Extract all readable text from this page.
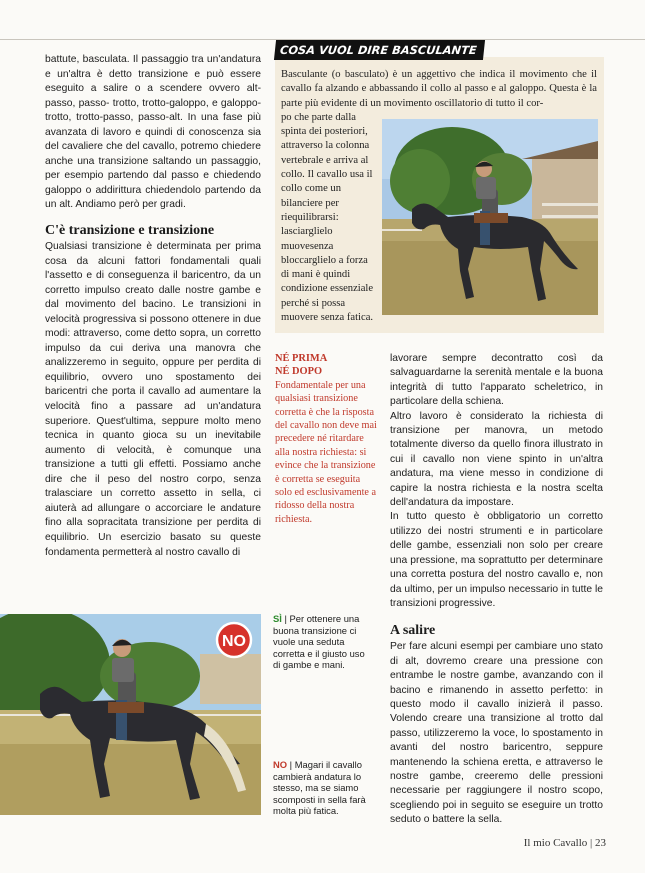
battute, basculata. Il passaggio tra un'andatura e un'altra è detto transizione e può essere eseguito a salire o a scendere ovvero alt-passo, passo- trotto, trotto-galoppo, e galoppo-trotto, trotto-passo, passo-alt. In una fase più avanzata di lavoro e quindi di conoscenza sia del cavaliere che del cavallo, potremo chiedere anche una transizione saltando un passaggio, per esempio partendo dal passo e chiedendo galoppo o addirittura chiedendolo partendo da un alt. Andiamo però per gradi.

C'è transizione e transizione

Qualsiasi transizione è determinata per prima cosa da alcuni fattori fondamentali quali l'assetto e di conseguenza il baricentro, da un corretto impulso creato dalle nostre gambe e dal movimento del bacino. Le transizioni in velocità progressiva si possono ottenere in due modi: attraverso, come detto sopra, un corretto impulso da cui deriva una manovra che analizzeremo in seguito, oppure per perdita di equilibrio, ovvero uno spostamento dei baricentri che porta il cavallo ad aumentare la velocità fino a passare ad un'andatura superiore. Quest'ultima, seppure molto meno tecnica in quanto gioca su un inevitabile aumento di velocità, è comunque una transizione a tutti gli effetti. Possiamo anche dire che il peso del nostro corpo, senza tralasciare un corretto assetto in sella, ci aiuterà ad allungare o accorciare le andature fino alla sopracitata transizione per perdita di equilibrio. Un esercizio basato su queste fondamenta permetterà al nostro cavallo di

COSA VUOL DIRE BASCULANTE
Basculante (o basculato) è un aggettivo che indica il movimento che il cavallo fa alzando e abbassando il collo al passo e al galoppo. Questa è la parte più evidente di un movimento oscillatorio di tutto il cor-
po che parte dalla spinta dei posteriori, attraverso la colonna vertebrale e arriva al collo. Il cavallo usa il collo come un bilanciere per riequilibrarsi: lasciarglielo muovesenza bloccarglielo a forza di mani è quindi condizione essenziale perché si possa muovere senza fatica.
NÉ PRIMA
NÉ DOPO
Fondamentale per una qualsiasi transizione corretta è che la risposta del cavallo non deve mai precedere né ritardare alla nostra richiesta: si evince che la transizione è corretta se eseguita solo ed esclusivamente a ridosso della nostra richiesta.

lavorare sempre decontratto così da salvaguardarne la serenità mentale e la buona integrità di tutto l'apparato scheletrico, in particolare della schiena.

Altro lavoro è considerato la richiesta di transizione per manovra, un metodo totalmente diverso da quello finora illustrato in cui il cavallo non viene spinto in un'altra andatura, ma viene messo in condizione di capire la nostra richiesta e la nostra scelta dell'andatura da impostare.

In tutto questo è obbligatorio un corretto utilizzo dei nostri strumenti e in particolare delle gambe, essenziali non solo per creare una pressione, ma soprattutto per determinare una corretta postura del nostro cavallo e, non da ultimo, per un impulso necessario in tutte le transizioni progressive.

A salire

Per fare alcuni esempi per cambiare uno stato di alt, dovremo creare una pressione con entrambe le nostre gambe, avanzando con il bacino e rimanendo in assetto perfetto: in questo modo il cavallo inizierà il passo. Volendo creare una transizione al trotto dal passo, utilizzeremo la voce, lo spostamento in avanti del nostro baricentro, seppure mantenendo la schiena eretta, e attraverso le nostre gambe, creeremo delle pressioni necessarie per raggiungere il nostro scopo, scegliendo poi in seguito se eseguire un trotto seduto o battere la sella.

NO
SÌ | Per ottenere una buona transizione ci vuole una seduta corretta e il giusto uso di gambe e mani.
NO | Magari il cavallo cambierà andatura lo stesso, ma se siamo scomposti in sella farà molta più fatica.
Il mio Cavallo | 23
